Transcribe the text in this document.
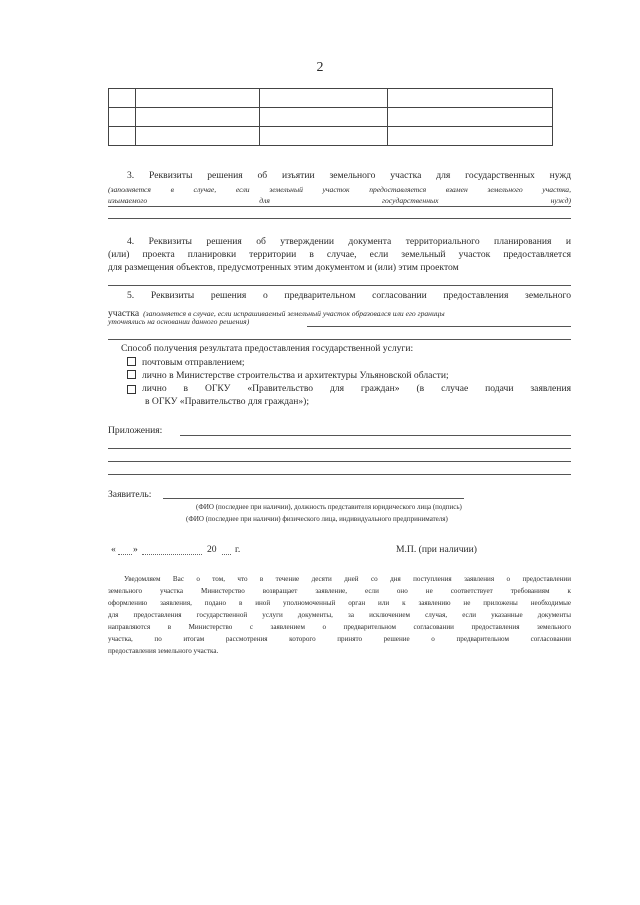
2

3. Реквизиты решения об изъятии земельного участка для государственных нужд
(заполняется в случае, если земельный участок предоставляется взамен земельного участка,
изымаемого	для	государственных	нужд)
4. Реквизиты решения об утверждении документа территориального планирования и
(или) проекта планировки территории в случае, если земельный участок предоставляется
для размещения объектов, предусмотренных этим документом и (или) этим проектом
5. Реквизиты решения о предварительном согласовании предоставления земельного
участка (заполняется в случае, если испрашиваемый земельный участок образовался или его границы
уточнялись на основании данного решения)
Способ получения результата предоставления государственной услуги:
почтовым отправлением;
лично в Министерстве строительства и архитектуры Ульяновской области;
лично в ОГКУ «Правительство для граждан» (в случае подачи заявления
в ОГКУ «Правительство для граждан»);
Приложения:
Заявитель:
(ФИО (последнее при наличии), должность представителя юридического лица (подпись)
(ФИО (последнее при наличии) физического лица, индивидуального предпринимателя)
« »	20 г.	М.П. (при наличии)
Уведомляем Вас о том, что в течение десяти дней со дня поступления заявления о предоставлении
земельного участка Министерство возвращает заявление, если оно не соответствует требованиям к
оформлению заявления, подано в иной уполномоченный орган или к заявлению не приложены необходимые
для предоставления государственной услуги документы, за исключением случая, если указанные документы
направляются в Министерство с заявлением о предварительном согласовании предоставления земельного
участка, по итогам рассмотрения которого принято решение о предварительном согласовании
предоставления земельного участка.
